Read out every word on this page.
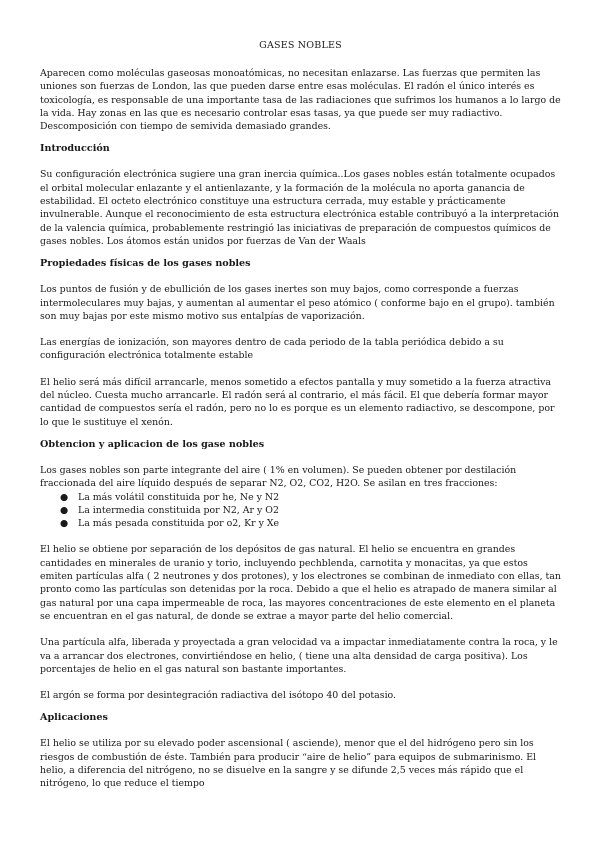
GASES NOBLES

Aparecen como moléculas gaseosas monoatómicas, no necesitan enlazarse. Las fuerzas que permiten las uniones son fuerzas de London, las que pueden darse entre esas moléculas. El radón el único interés es toxicología, es responsable de una importante tasa de las radiaciones que sufrimos los humanos a lo largo de la vida. Hay zonas en las que es necesario controlar esas tasas, ya que puede ser muy radiactivo. Descomposición con tiempo de semivida demasiado grandes.

Introducción

Su configuración electrónica sugiere una gran inercia química..Los gases nobles están totalmente ocupados el orbital molecular enlazante y el antienlazante, y la formación de la molécula no aporta ganancia de estabilidad. El octeto electrónico constituye una estructura cerrada, muy estable y prácticamente invulnerable. Aunque el reconocimiento de esta estructura electrónica estable contribuyó a la interpretación de la valencia química, probablemente restringió las iniciativas de preparación de compuestos químicos de gases nobles. Los átomos están unidos por fuerzas de Van der Waals

Propiedades físicas de los gases nobles

Los puntos de fusión y de ebullición de los gases inertes son muy bajos, como corresponde a fuerzas intermoleculares muy bajas, y aumentan al aumentar el peso atómico ( conforme bajo en el grupo). también son muy bajas por este mismo motivo sus entalpías de vaporización.

Las energías de ionización, son mayores dentro de cada periodo de la tabla periódica debido a su configuración electrónica totalmente estable

El helio será más difícil arrancarle, menos sometido a efectos pantalla y muy sometido a la fuerza atractiva del núcleo. Cuesta mucho arrancarle. El radón será al contrario, el más fácil. El que debería formar mayor cantidad de compuestos sería el radón, pero no lo es porque es un elemento radiactivo, se descompone, por lo que le sustituye el xenón.

Obtencion y aplicacion de los gase nobles

Los gases nobles son parte integrante del aire ( 1% en volumen). Se pueden obtener por destilación fraccionada del aire líquido después de separar N2, O2, CO2, H2O. Se asilan en tres fracciones:

● La más volátil constituida por he, Ne y N2
● La intermedia constituida por N2, Ar y O2
● La más pesada constituida por o2, Kr y Xe

El helio se obtiene por separación de los depósitos de gas natural. El helio se encuentra en grandes cantidades en minerales de uranio y torio, incluyendo pechblenda, carnotita y monacitas, ya que estos emiten partículas alfa ( 2 neutrones y dos protones), y los electrones se combinan de inmediato con ellas, tan pronto como las partículas son detenidas por la roca. Debido a que el helio es atrapado de manera similar al gas natural por una capa impermeable de roca, las mayores concentraciones de este elemento en el planeta se encuentran en el gas natural, de donde se extrae a mayor parte del helio comercial.

Una partícula alfa, liberada y proyectada a gran velocidad va a impactar inmediatamente contra la roca, y le va a arrancar dos electrones, convirtiéndose en helio, ( tiene una alta densidad de carga positiva). Los porcentajes de helio en el gas natural son bastante importantes.

El argón se forma por desintegración radiactiva del isótopo 40 del potasio.

Aplicaciones

El helio se utiliza por su elevado poder ascensional ( asciende), menor que el del hidrógeno pero sin los riesgos de combustión de éste. También para producir “aire de helio” para equipos de submarinismo. El helio, a diferencia del nitrógeno, no se disuelve en la sangre y se difunde 2,5 veces más rápido que el nitrógeno, lo que reduce el tiempo
